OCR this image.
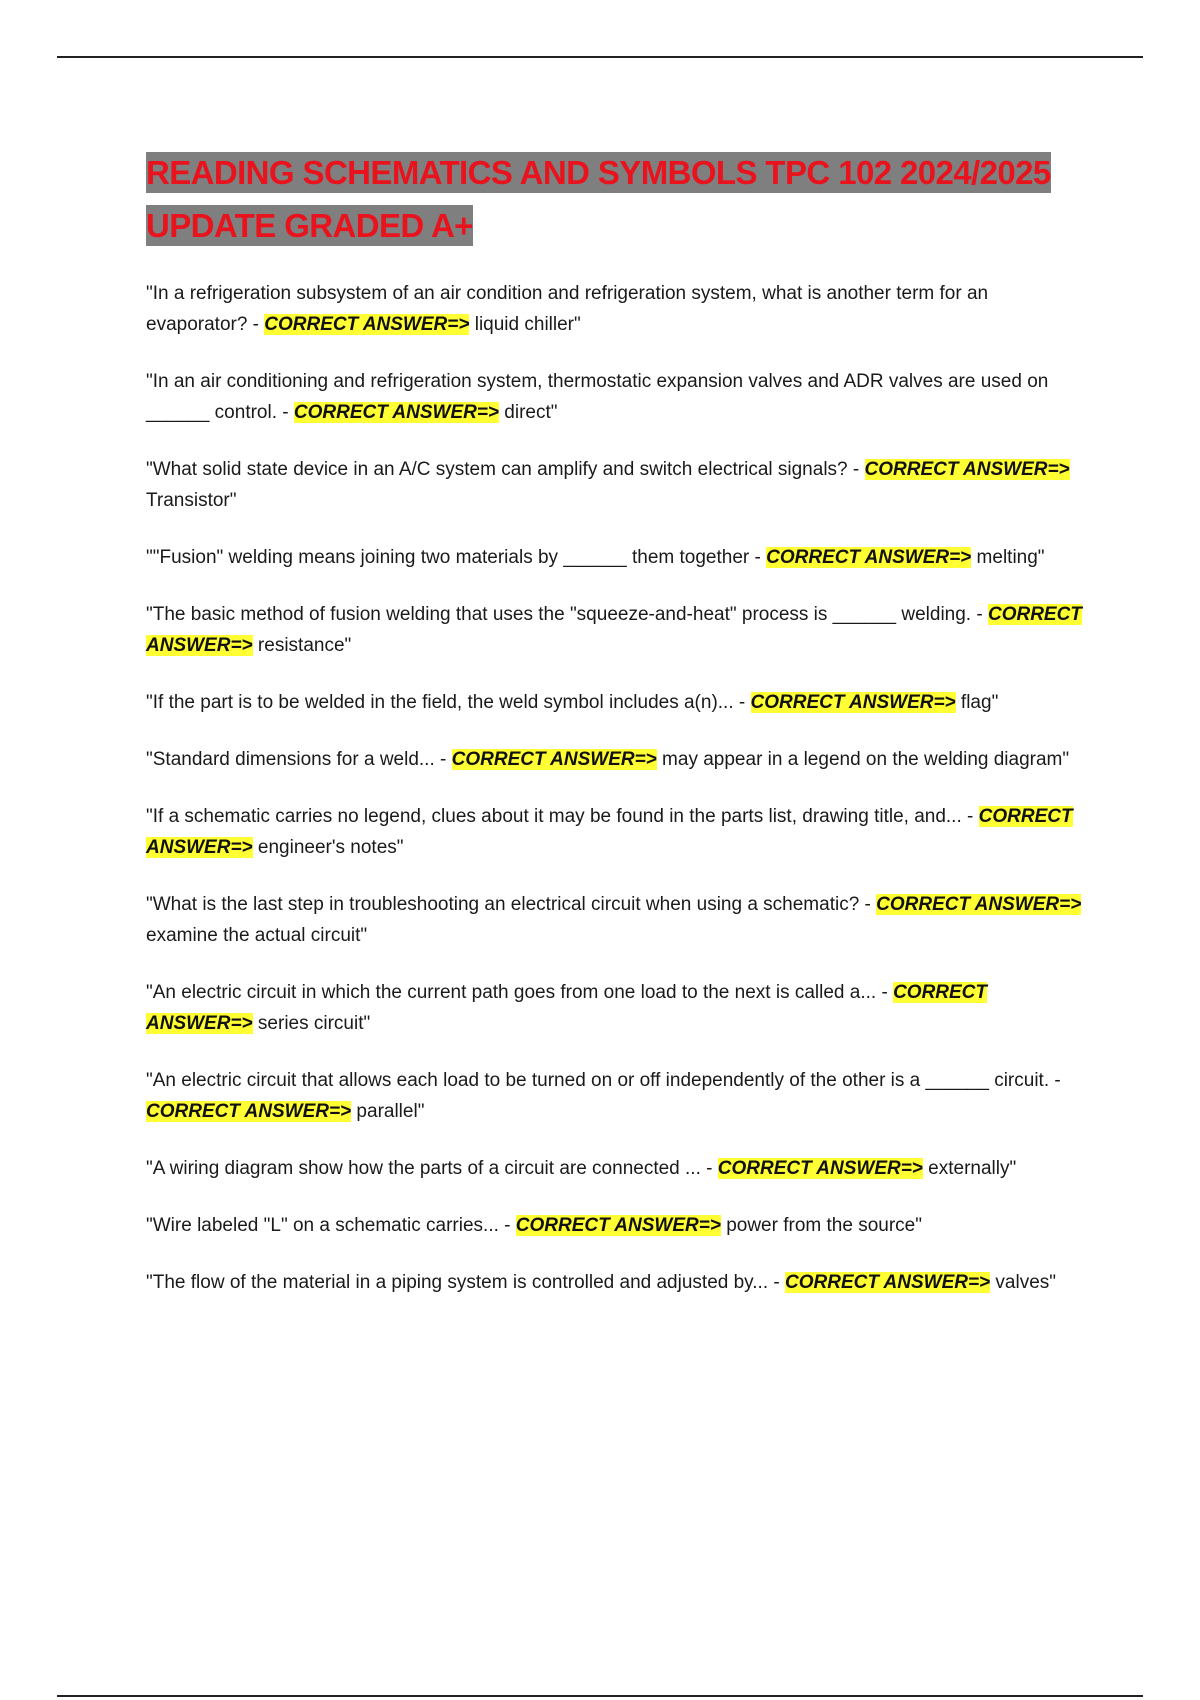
READING SCHEMATICS AND SYMBOLS TPC 102 2024/2025 UPDATE GRADED A+

"In a refrigeration subsystem of an air condition and refrigeration system, what is another term for an evaporator? - CORRECT ANSWER=> liquid chiller"

"In an air conditioning and refrigeration system, thermostatic expansion valves and ADR valves are used on ______ control. - CORRECT ANSWER=> direct"

"What solid state device in an A/C system can amplify and switch electrical signals? - CORRECT ANSWER=> Transistor"

""Fusion" welding means joining two materials by ______ them together - CORRECT ANSWER=> melting"

"The basic method of fusion welding that uses the "squeeze-and-heat" process is ______ welding. - CORRECT ANSWER=> resistance"

"If the part is to be welded in the field, the weld symbol includes a(n)... - CORRECT ANSWER=> flag"

"Standard dimensions for a weld... - CORRECT ANSWER=> may appear in a legend on the welding diagram"

"If a schematic carries no legend, clues about it may be found in the parts list, drawing title, and... - CORRECT ANSWER=> engineer's notes"

"What is the last step in troubleshooting an electrical circuit when using a schematic? - CORRECT ANSWER=> examine the actual circuit"

"An electric circuit in which the current path goes from one load to the next is called a... - CORRECT ANSWER=> series circuit"

"An electric circuit that allows each load to be turned on or off independently of the other is a ______ circuit. - CORRECT ANSWER=> parallel"

"A wiring diagram show how the parts of a circuit are connected ... - CORRECT ANSWER=> externally"

"Wire labeled "L" on a schematic carries... - CORRECT ANSWER=> power from the source"

"The flow of the material in a piping system is controlled and adjusted by... - CORRECT ANSWER=> valves"
